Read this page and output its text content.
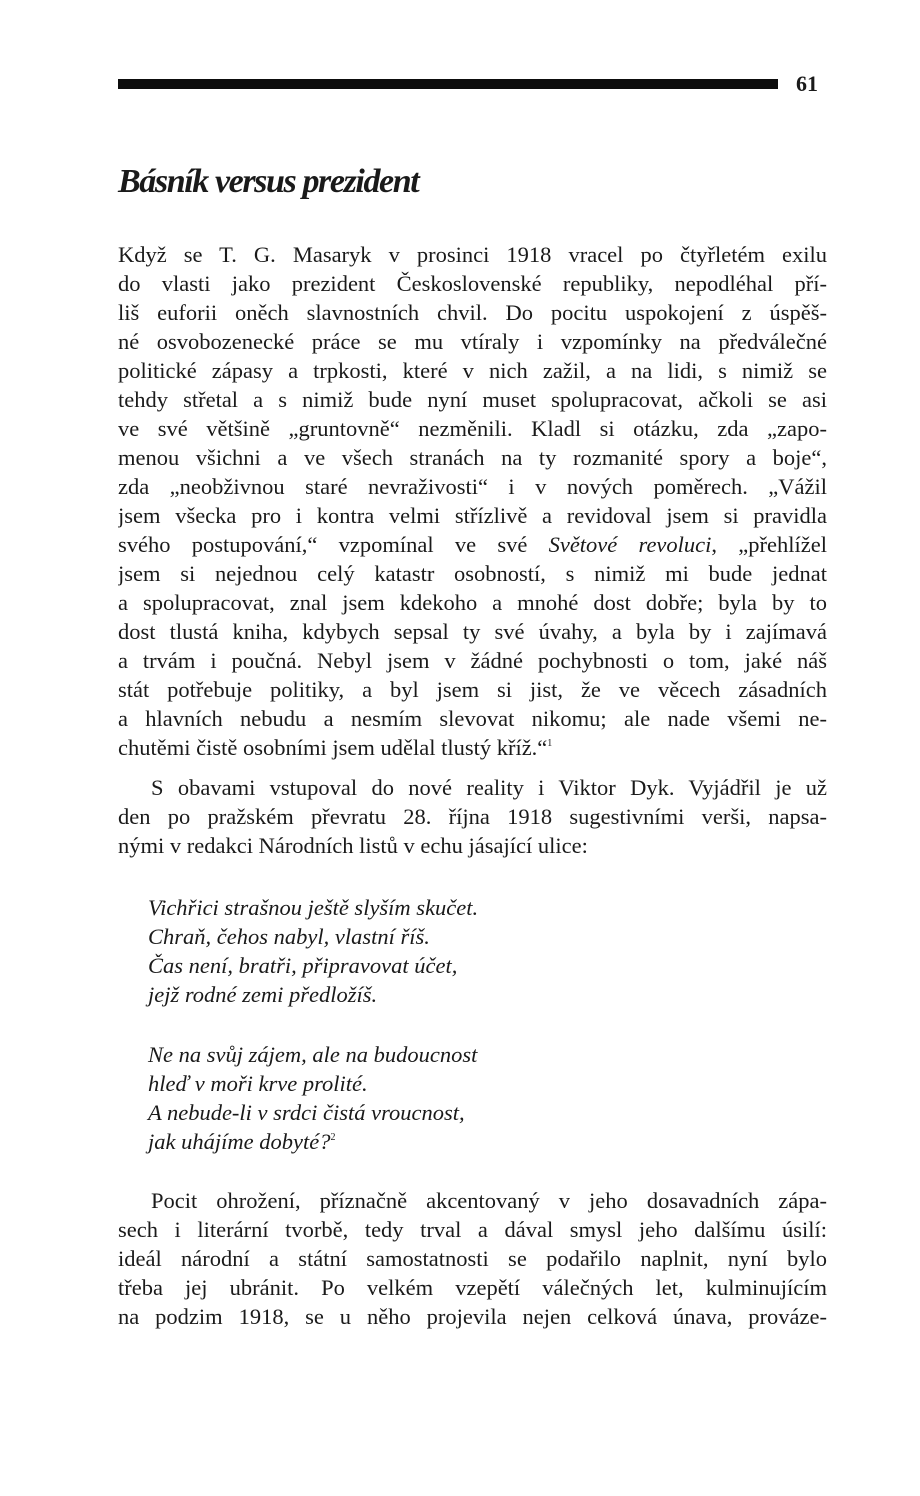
61
Básník versus prezident
Když se T. G. Masaryk v prosinci 1918 vracel po čtyřletém exilu
do vlasti jako prezident Československé republiky, nepodléhal pří-
liš euforii oněch slavnostních chvil. Do pocitu uspokojení z úspěš-
né osvobozenecké práce se mu vtíraly i vzpomínky na předválečné
politické zápasy a trpkosti, které v nich zažil, a na lidi, s nimiž se
tehdy střetal a s nimiž bude nyní muset spolupracovat, ačkoli se asi
ve své většině „gruntovně“ nezměnili. Kladl si otázku, zda „zapo-
menou všichni a ve všech stranách na ty rozmanité spory a boje“,
zda „neobživnou staré nevraživosti“ i v nových poměrech. „Vážil
jsem všecka pro i kontra velmi střízlivě a revidoval jsem si pravidla
svého postupování,“ vzpomínal ve své Světové revoluci, „přehlížel
jsem si nejednou celý katastr osobností, s nimiž mi bude jednat
a spolupracovat, znal jsem kdekoho a mnohé dost dobře; byla by to
dost tlustá kniha, kdybych sepsal ty své úvahy, a byla by i zajímavá
a trvám i poučná. Nebyl jsem v žádné pochybnosti o tom, jaké náš
stát potřebuje politiky, a byl jsem si jist, že ve věcech zásadních
a hlavních nebudu a nesmím slevovat nikomu; ale nade všemi ne-
chutěmi čistě osobními jsem udělal tlustý kříž.“$^1$
S obavami vstupoval do nové reality i Viktor Dyk. Vyjádřil je už
den po pražském převratu 28. října 1918 sugestivními verši, napsa-
nými v redakci Národních listů v echu jásající ulice:
Vichřici strašnou ještě slyším skučet.
Chraň, čehos nabyl, vlastní říš.
Čas není, bratři, připravovat účet,
jejž rodné zemi předložíš.
Ne na svůj zájem, ale na budoucnost
hleď v moři krve prolité.
A nebude-li v srdci čistá vroucnost,
jak uhájíme dobyté?$^2$
Pocit ohrožení, příznačně akcentovaný v jeho dosavadních zápa-
sech i literární tvorbě, tedy trval a dával smysl jeho dalšímu úsilí:
ideál národní a státní samostatnosti se podařilo naplnit, nyní bylo
třeba jej ubránit. Po velkém vzepětí válečných let, kulminujícím
na podzim 1918, se u něho projevila nejen celková únava, prováze-
